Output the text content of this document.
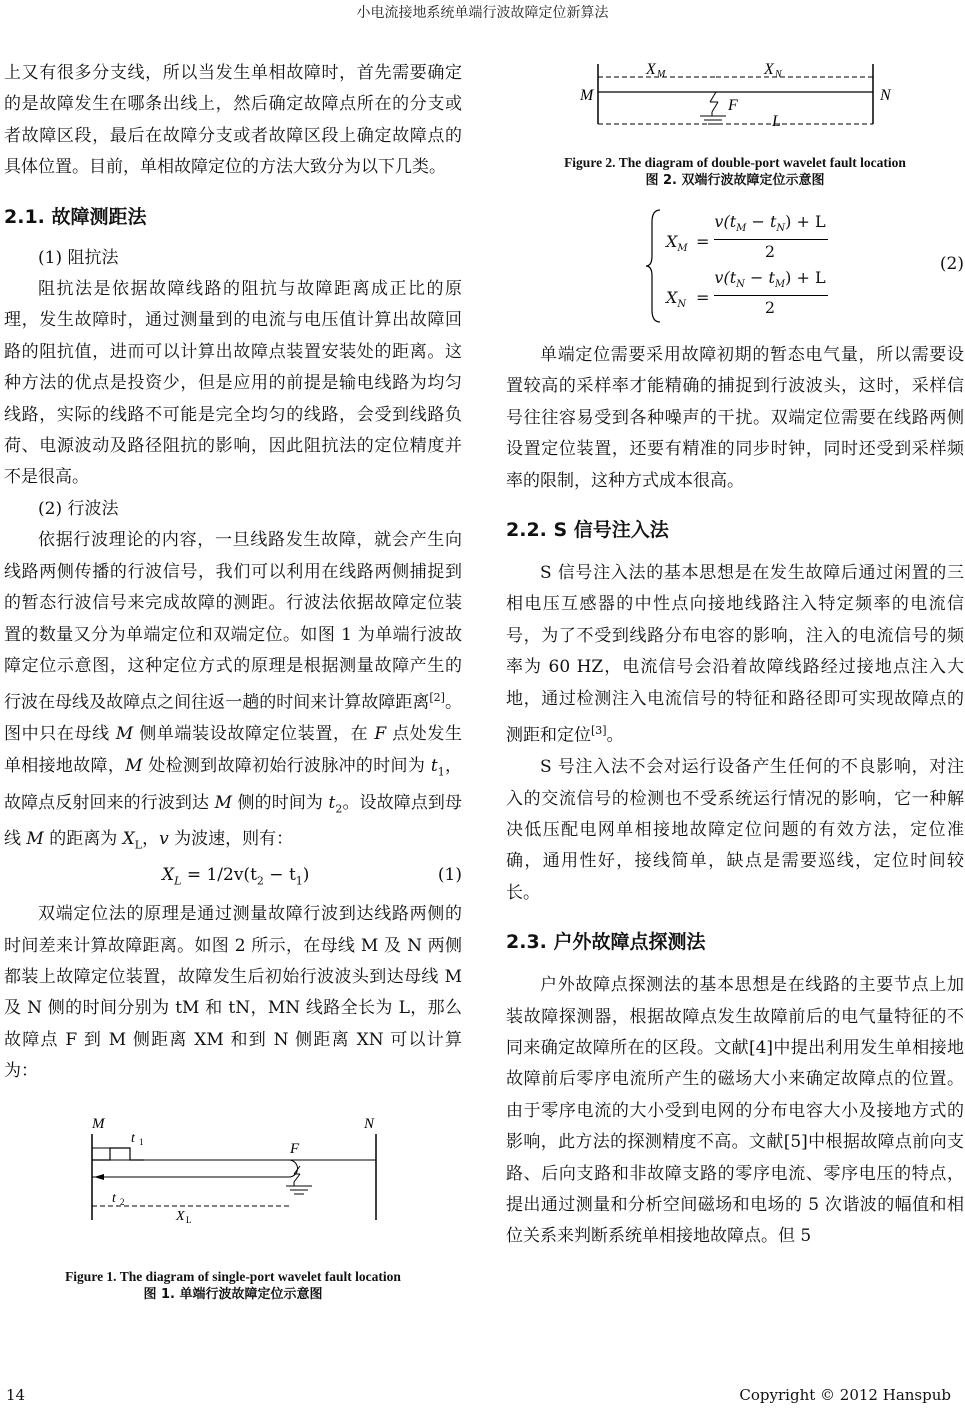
小电流接地系统单端行波故障定位新算法

上又有很多分支线，所以当发生单相故障时，首先需要确定的是故障发生在哪条出线上，然后确定故障点所在的分支或者故障区段，最后在故障分支或者故障区段上确定故障点的具体位置。目前，单相故障定位的方法大致分为以下几类。

2.1. 故障测距法

(1) 阻抗法

阻抗法是依据故障线路的阻抗与故障距离成正比的原理，发生故障时，通过测量到的电流与电压值计算出故障回路的阻抗值，进而可以计算出故障点装置安装处的距离。这种方法的优点是投资少，但是应用的前提是输电线路为均匀线路，实际的线路不可能是完全均匀的线路，会受到线路负荷、电源波动及路径阻抗的影响，因此阻抗法的定位精度并不是很高。

(2) 行波法

依据行波理论的内容，一旦线路发生故障，就会产生向线路两侧传播的行波信号，我们可以利用在线路两侧捕捉到的暂态行波信号来完成故障的测距。行波法依据故障定位装置的数量又分为单端定位和双端定位。如图 1 为单端行波故障定位示意图，这种定位方式的原理是根据测量故障产生的行波在母线及故障点之间往返一趟的时间来计算故障距离[2]。图中只在母线 M 侧单端装设故障定位装置，在 F 点处发生单相接地故障，M 处检测到故障初始行波脉冲的时间为 $t_1$，故障点反射回来的行波到达 M 侧的时间为 $t_2$。设故障点到母线 M 的距离为 $X_L$，v 为波速，则有：

$X_L = 1/2v(t_2 - t_1)$	(1)

双端定位法的原理是通过测量故障行波到达线路两侧的时间差来计算故障距离。如图 2 所示，在母线 M 及 N 两侧都装上故障定位装置，故障发生后初始行波波头到达母线 M 及 N 侧的时间分别为 tM 和 tN，MN 线路全长为 L，那么故障点 F 到 M 侧距离 XM 和到 N 侧距离 XN 可以计算为：

M	N
t 1	F
t 2
X L
Figure 1. The diagram of single-port wavelet fault location
图 1. 单端行波故障定位示意图
X M	X N
M	N
F
L
Figure 2. The diagram of double-port wavelet fault location
图 2. 双端行波故障定位示意图
$X_M$ =
$v(t_M - t_N) + L$
2
$X_N$ =
$v(t_N - t_M) + L$
2
(2)

单端定位需要采用故障初期的暂态电气量，所以需要设置较高的采样率才能精确的捕捉到行波波头，这时，采样信号往往容易受到各种噪声的干扰。双端定位需要在线路两侧设置定位装置，还要有精准的同步时钟，同时还受到采样频率的限制，这种方式成本很高。

2.2. S 信号注入法

S 信号注入法的基本思想是在发生故障后通过闲置的三相电压互感器的中性点向接地线路注入特定频率的电流信号，为了不受到线路分布电容的影响，注入的电流信号的频率为 60 HZ，电流信号会沿着故障线路经过接地点注入大地，通过检测注入电流信号的特征和路径即可实现故障点的测距和定位[3]。

S 号注入法不会对运行设备产生任何的不良影响，对注入的交流信号的检测也不受系统运行情况的影响，它一种解决低压配电网单相接地故障定位问题的有效方法，定位准确，通用性好，接线简单，缺点是需要巡线，定位时间较长。

2.3. 户外故障点探测法

户外故障点探测法的基本思想是在线路的主要节点上加装故障探测器，根据故障点发生故障前后的电气量特征的不同来确定故障所在的区段。文献[4]中提出利用发生单相接地故障前后零序电流所产生的磁场大小来确定故障点的位置。由于零序电流的大小受到电网的分布电容大小及接地方式的影响，此方法的探测精度不高。文献[5]中根据故障点前向支路、后向支路和非故障支路的零序电流、零序电压的特点，提出通过测量和分析空间磁场和电场的 5 次谐波的幅值和相位关系来判断系统单相接地故障点。但 5

14	Copyright © 2012 Hanspub
